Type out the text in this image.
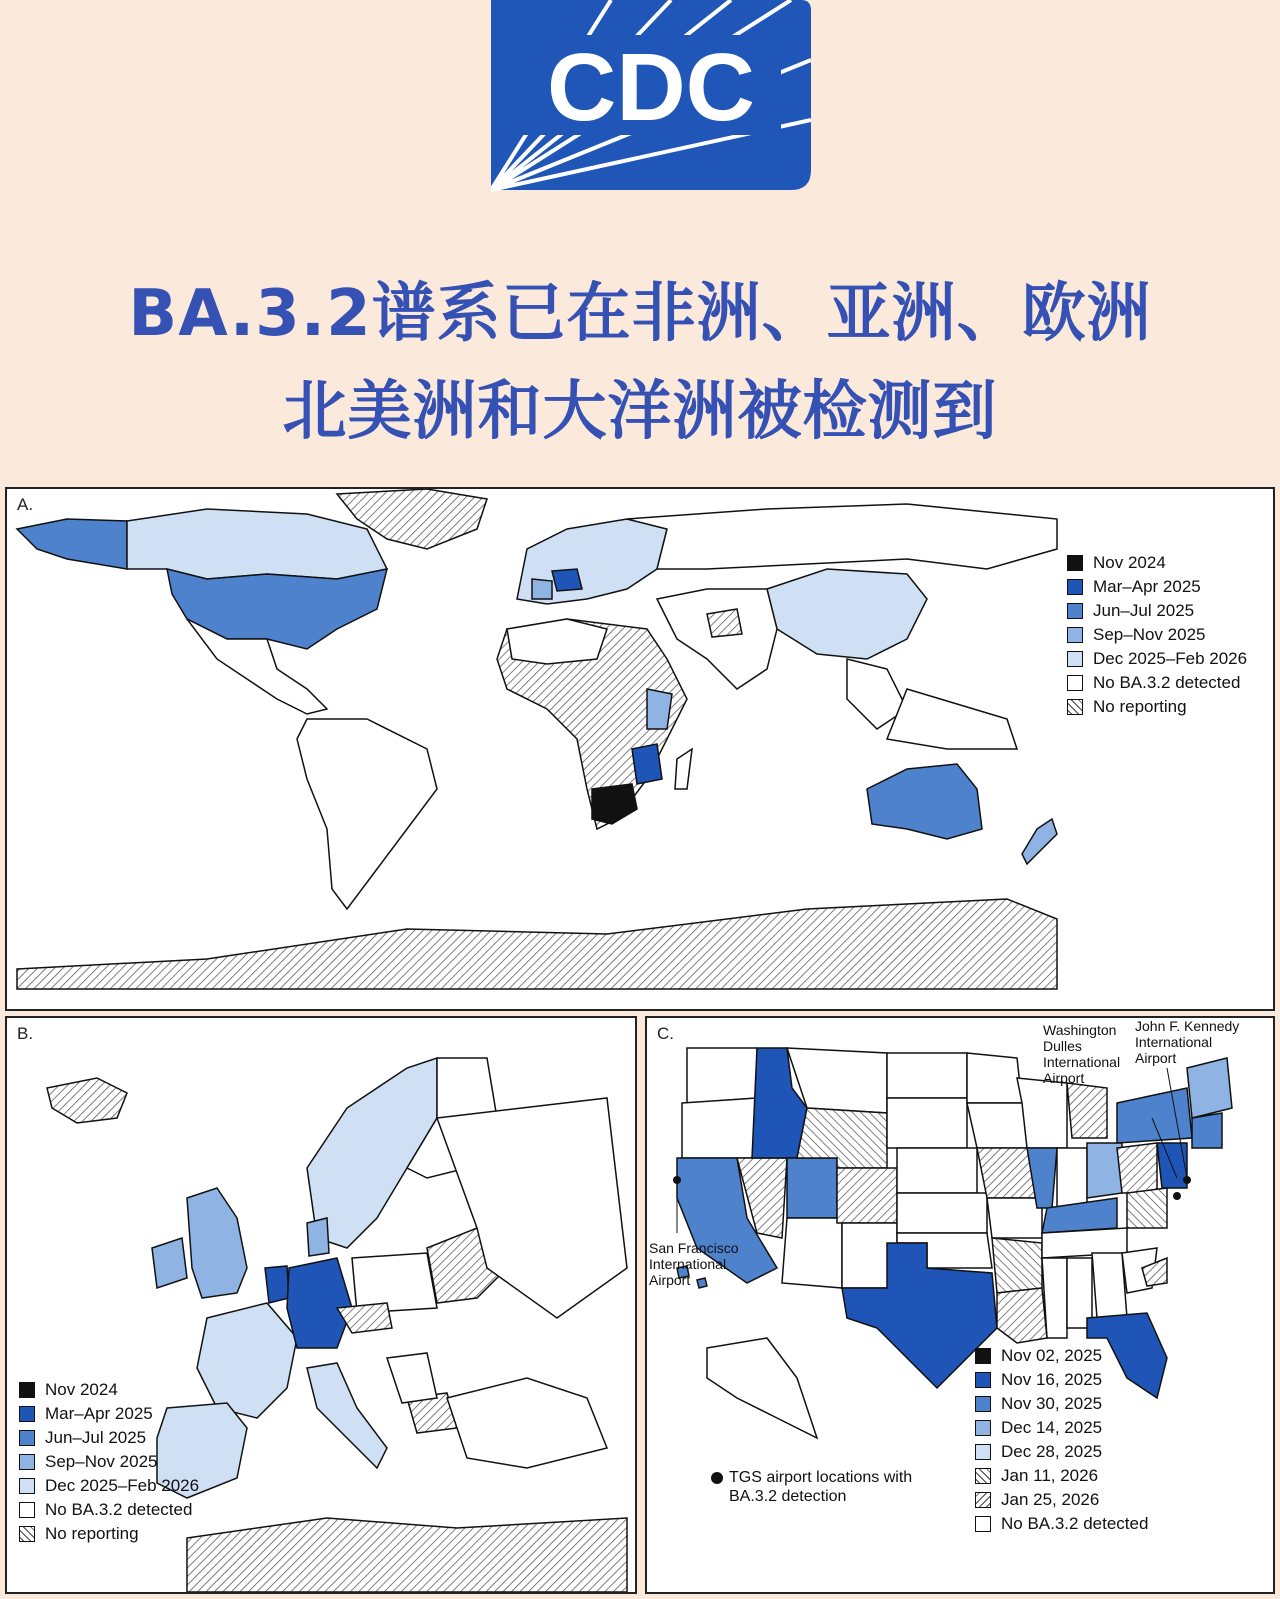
CDC
BA.3.2谱系已在非洲、亚洲、欧洲
北美洲和大洋洲被检测到
A.
Nov 2024
Mar–Apr 2025
Jun–Jul 2025
Sep–Nov 2025
Dec 2025–Feb 2026
No BA.3.2 detected
No reporting
B.
Nov 2024
Mar–Apr 2025
Jun–Jul 2025
Sep–Nov 2025
Dec 2025–Feb 2026
No BA.3.2 detected
No reporting
C.	Washington Dulles International Airport
John F. Kennedy International Airport
San Francisco International Airport
TGS airport locations with BA.3.2 detection
Nov 02, 2025
Nov 16, 2025
Nov 30, 2025
Dec 14, 2025
Dec 28, 2025
Jan 11, 2026
Jan 25, 2026
No BA.3.2 detected
